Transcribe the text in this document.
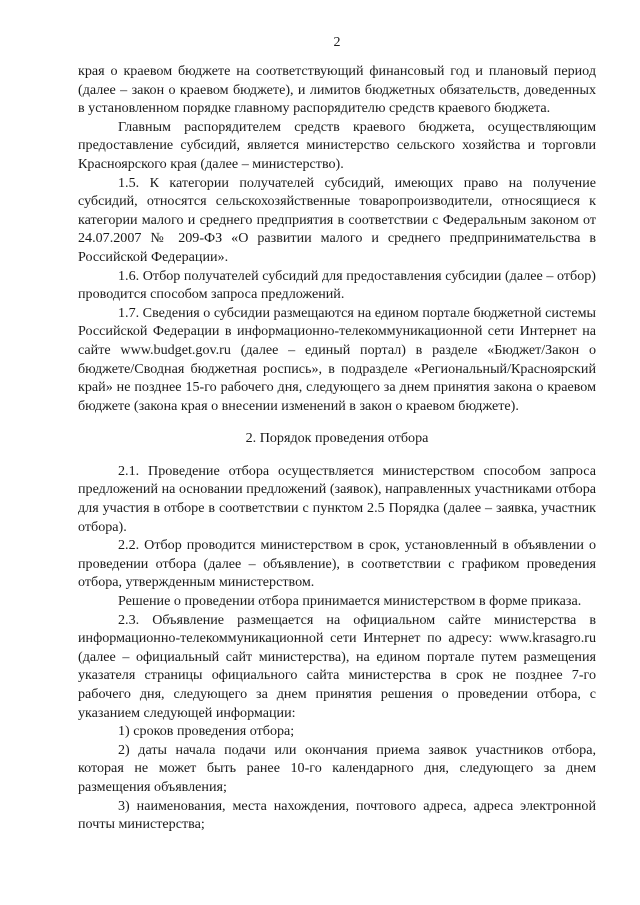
2

края о краевом бюджете на соответствующий финансовый год и плановый период (далее – закон о краевом бюджете), и лимитов бюджетных обязательств, доведенных в установленном порядке главному распорядителю средств краевого бюджета.

Главным распорядителем средств краевого бюджета, осуществляющим предоставление субсидий, является министерство сельского хозяйства и торговли Красноярского края (далее – министерство).

1.5. К категории получателей субсидий, имеющих право на получение субсидий, относятся сельскохозяйственные товаропроизводители, относящиеся к категории малого и среднего предприятия в соответствии с Федеральным законом от 24.07.2007 № 209-ФЗ «О развитии малого и среднего предпринимательства в Российской Федерации».

1.6. Отбор получателей субсидий для предоставления субсидии (далее – отбор) проводится способом запроса предложений.

1.7. Сведения о субсидии размещаются на едином портале бюджетной системы Российской Федерации в информационно-телекоммуникационной сети Интернет на сайте www.budget.gov.ru (далее – единый портал) в разделе «Бюджет/Закон о бюджете/Сводная бюджетная роспись», в подразделе «Региональный/Красноярский край» не позднее 15-го рабочего дня, следующего за днем принятия закона о краевом бюджете (закона края о внесении изменений в закон о краевом бюджете).

2. Порядок проведения отбора

2.1. Проведение отбора осуществляется министерством способом запроса предложений на основании предложений (заявок), направленных участниками отбора для участия в отборе в соответствии с пунктом 2.5 Порядка (далее – заявка, участник отбора).

2.2. Отбор проводится министерством в срок, установленный в объявлении о проведении отбора (далее – объявление), в соответствии с графиком проведения отбора, утвержденным министерством.

Решение о проведении отбора принимается министерством в форме приказа.

2.3. Объявление размещается на официальном сайте министерства в информационно-телекоммуникационной сети Интернет по адресу: www.krasagro.ru (далее – официальный сайт министерства), на едином портале путем размещения указателя страницы официального сайта министерства в срок не позднее 7-го рабочего дня, следующего за днем принятия решения о проведении отбора, с указанием следующей информации:

1) сроков проведения отбора;

2) даты начала подачи или окончания приема заявок участников отбора, которая не может быть ранее 10-го календарного дня, следующего за днем размещения объявления;

3) наименования, места нахождения, почтового адреса, адреса электронной почты министерства;
